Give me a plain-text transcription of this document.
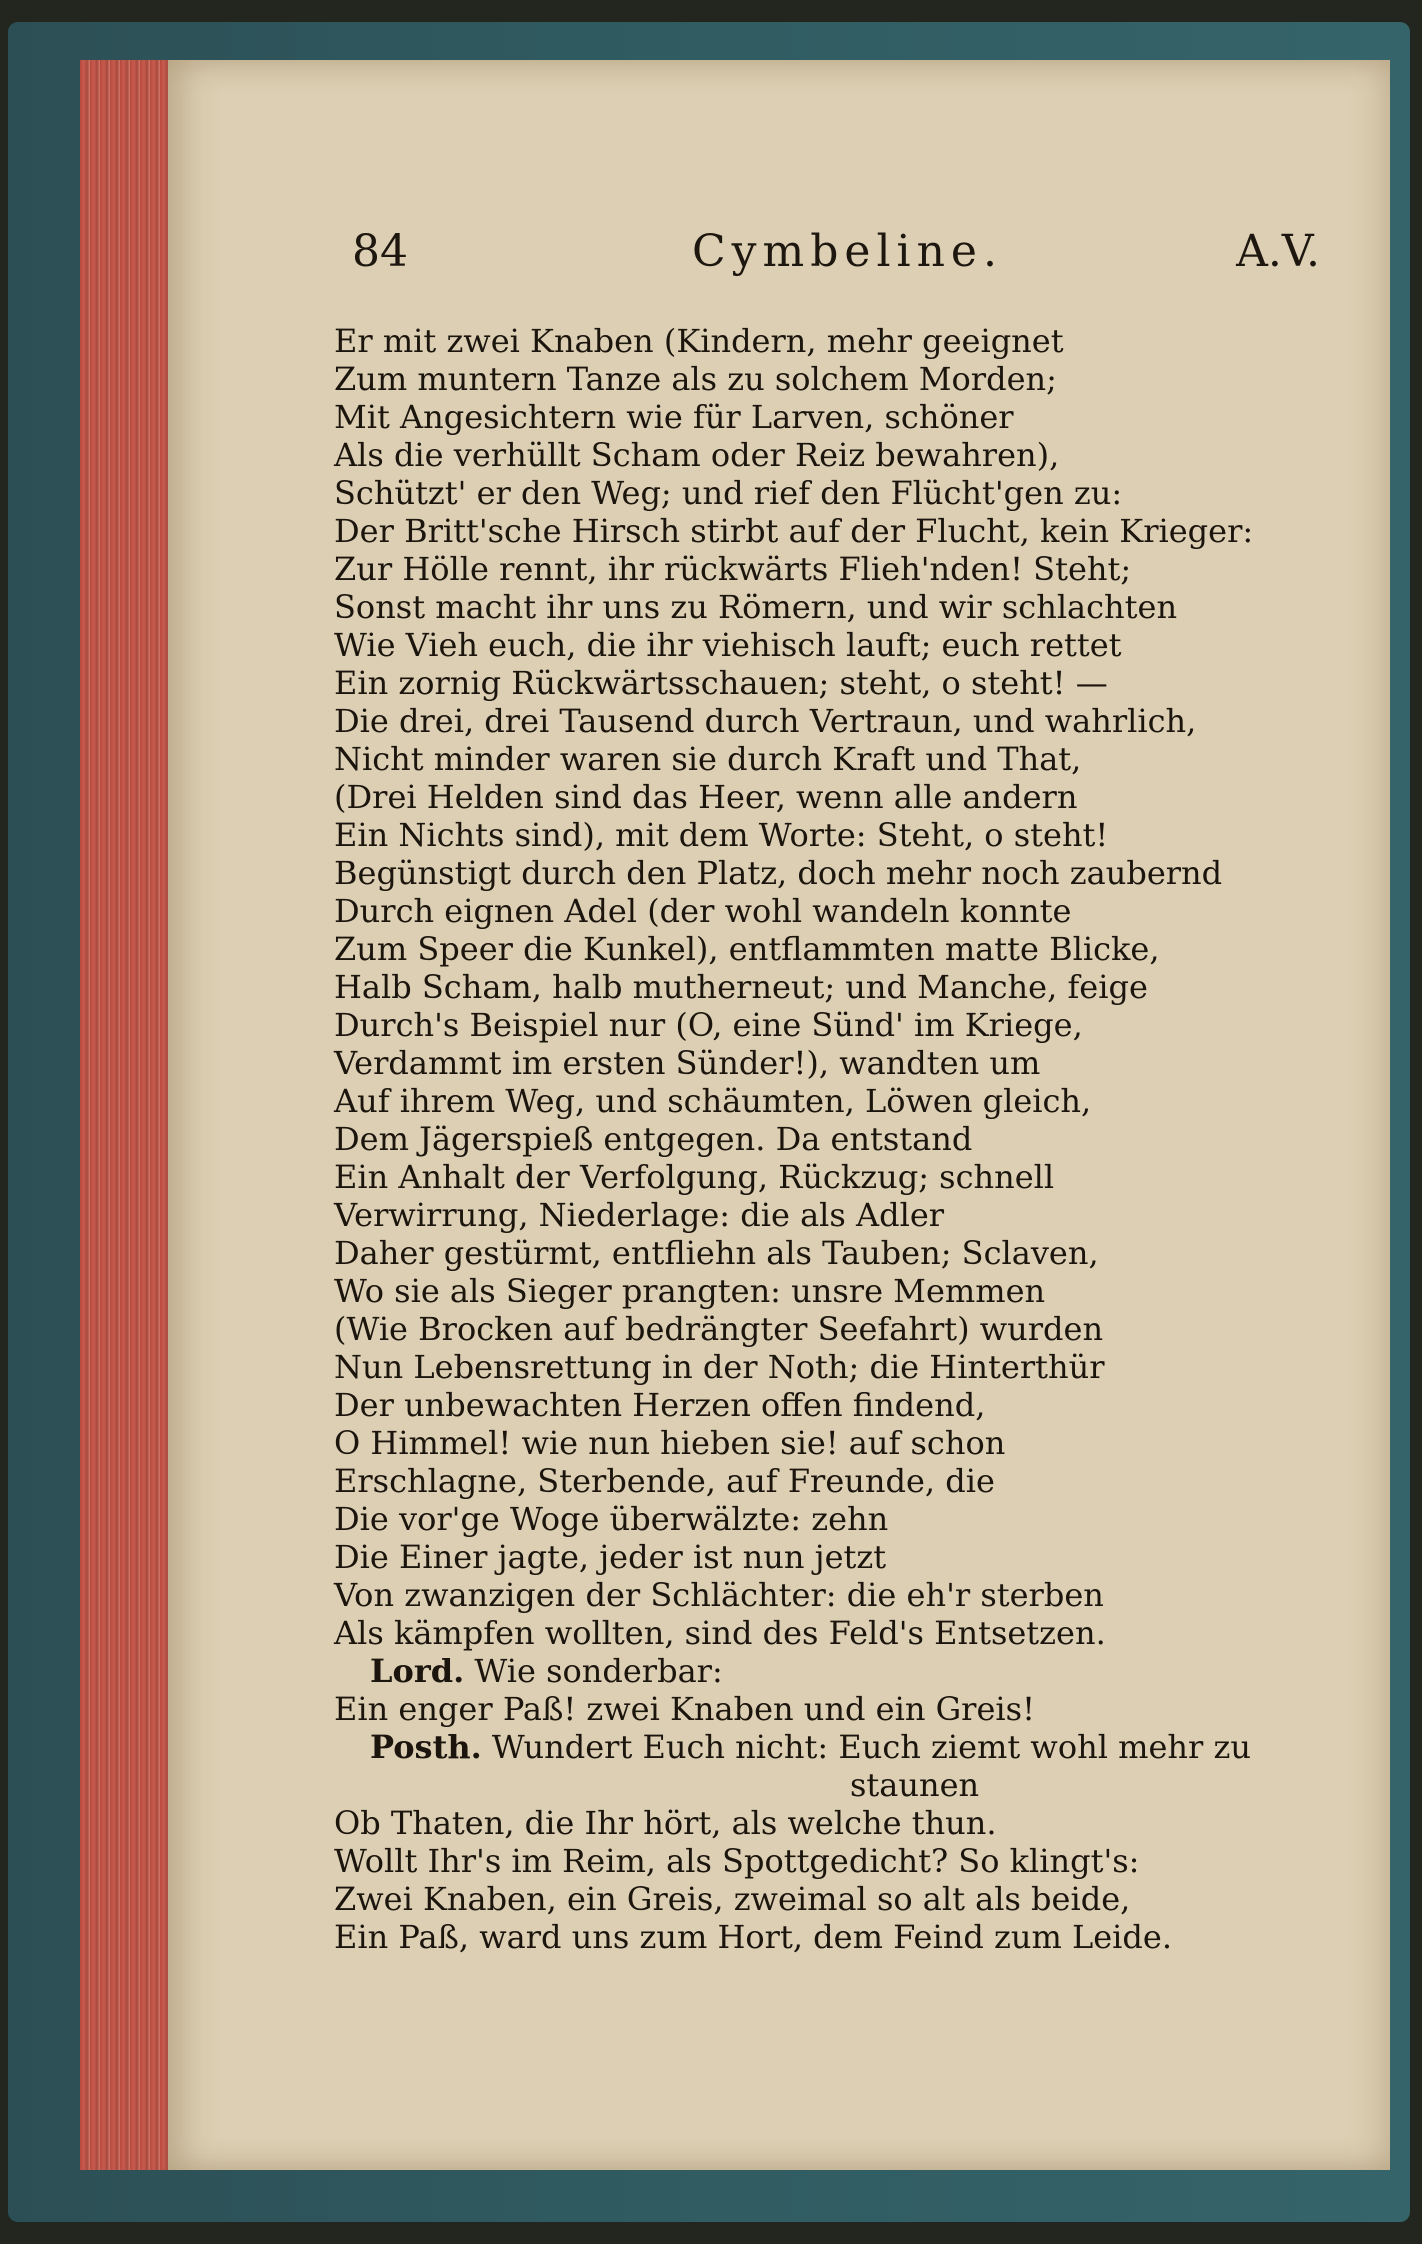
84	Cymbeline.	A.V.
Er mit zwei Knaben (Kindern, mehr geeignet
Zum muntern Tanze als zu solchem Morden;
Mit Angesichtern wie für Larven, schöner
Als die verhüllt Scham oder Reiz bewahren),
Schützt' er den Weg; und rief den Flücht'gen zu:
Der Britt'sche Hirsch stirbt auf der Flucht, kein Krieger:
Zur Hölle rennt, ihr rückwärts Flieh'nden! Steht;
Sonst macht ihr uns zu Römern, und wir schlachten
Wie Vieh euch, die ihr viehisch lauft; euch rettet
Ein zornig Rückwärtsschauen; steht, o steht! —
Die drei, drei Tausend durch Vertraun, und wahrlich,
Nicht minder waren sie durch Kraft und That,
(Drei Helden sind das Heer, wenn alle andern
Ein Nichts sind), mit dem Worte: Steht, o steht!
Begünstigt durch den Platz, doch mehr noch zaubernd
Durch eignen Adel (der wohl wandeln konnte
Zum Speer die Kunkel), entflammten matte Blicke,
Halb Scham, halb mutherneut; und Manche, feige
Durch's Beispiel nur (O, eine Sünd' im Kriege,
Verdammt im ersten Sünder!), wandten um
Auf ihrem Weg, und schäumten, Löwen gleich,
Dem Jägerspieß entgegen. Da entstand
Ein Anhalt der Verfolgung, Rückzug; schnell
Verwirrung, Niederlage: die als Adler
Daher gestürmt, entfliehn als Tauben; Sclaven,
Wo sie als Sieger prangten: unsre Memmen
(Wie Brocken auf bedrängter Seefahrt) wurden
Nun Lebensrettung in der Noth; die Hinterthür
Der unbewachten Herzen offen findend,
O Himmel! wie nun hieben sie! auf schon
Erschlagne, Sterbende, auf Freunde, die
Die vor'ge Woge überwälzte: zehn
Die Einer jagte, jeder ist nun jetzt
Von zwanzigen der Schlächter: die eh'r sterben
Als kämpfen wollten, sind des Feld's Entsetzen.
Lord. Wie sonderbar:
Ein enger Paß! zwei Knaben und ein Greis!
Posth. Wundert Euch nicht: Euch ziemt wohl mehr zu
staunen
Ob Thaten, die Ihr hört, als welche thun.
Wollt Ihr's im Reim, als Spottgedicht? So klingt's:
Zwei Knaben, ein Greis, zweimal so alt als beide,
Ein Paß, ward uns zum Hort, dem Feind zum Leide.
